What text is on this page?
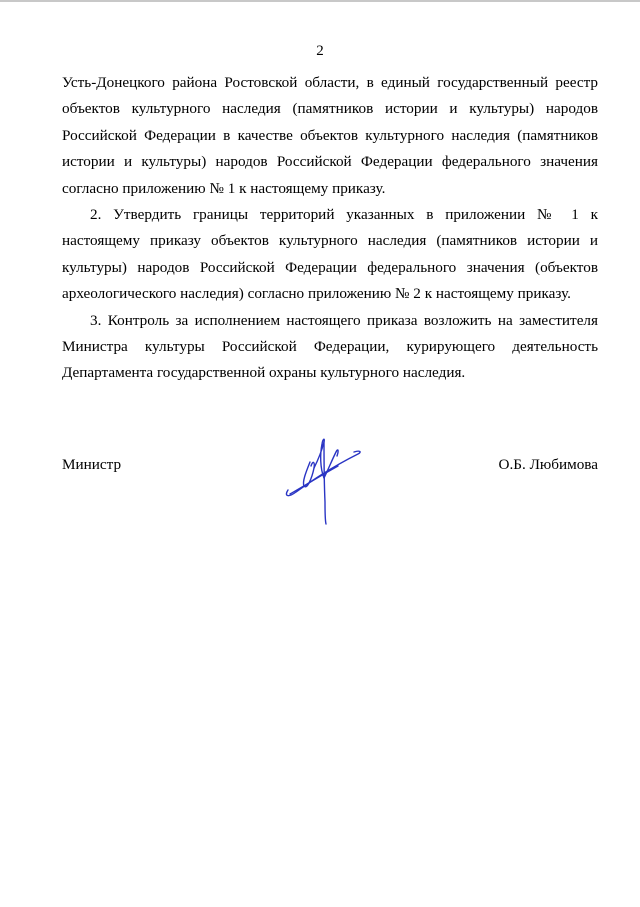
2

Усть-Донецкого района Ростовской области, в единый государственный реестр объектов культурного наследия (памятников истории и культуры) народов Российской Федерации в качестве объектов культурного наследия (памятников истории и культуры) народов Российской Федерации федерального значения согласно приложению № 1 к настоящему приказу.

2. Утвердить границы территорий указанных в приложении № 1 к настоящему приказу объектов культурного наследия (памятников истории и культуры) народов Российской Федерации федерального значения (объектов археологического наследия) согласно приложению № 2 к настоящему приказу.

3. Контроль за исполнением настоящего приказа возложить на заместителя Министра культуры Российской Федерации, курирующего деятельность Департамента государственной охраны культурного наследия.

Министр	О.Б. Любимова
